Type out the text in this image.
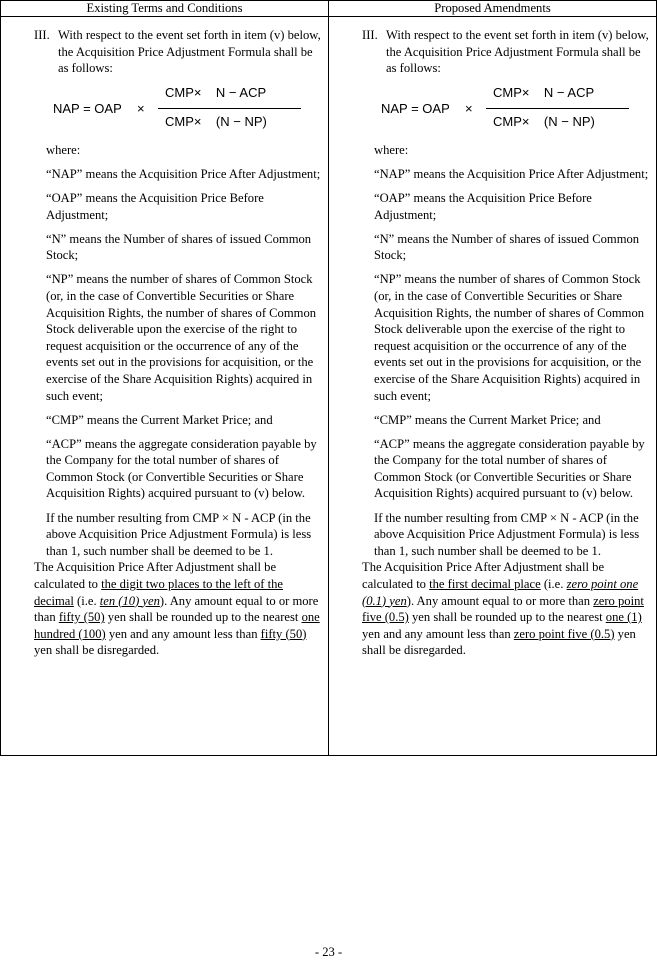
Existing Terms and Conditions	Proposed Amendments
III. With respect to the event set forth in item (v) below, the Acquisition Price Adjustment Formula shall be as follows:
NAP = OAP ×
CMP×    N − ACP
CMP×    (N − NP)
where:
“NAP” means the Acquisition Price After Adjustment;
“OAP” means the Acquisition Price Before Adjustment;
“N” means the Number of shares of issued Common Stock;
“NP” means the number of shares of Common Stock (or, in the case of Convertible Securities or Share Acquisition Rights, the number of shares of Common Stock deliverable upon the exercise of the right to request acquisition or the occurrence of any of the events set out in the provisions for acquisition, or the exercise of the Share Acquisition Rights) acquired in such event;
“CMP” means the Current Market Price; and
“ACP” means the aggregate consideration payable by the Company for the total number of shares of Common Stock (or Convertible Securities or Share Acquisition Rights) acquired pursuant to (v) below.
If the number resulting from CMP × N - ACP (in the above Acquisition Price Adjustment Formula) is less than 1, such number shall be deemed to be 1.

The Acquisition Price After Adjustment shall be calculated to the digit two places to the left of the decimal (i.e. ten (10) yen). Any amount equal to or more than fifty (50) yen shall be rounded up to the nearest one hundred (100) yen and any amount less than fifty (50) yen shall be disregarded.

III. With respect to the event set forth in item (v) below, the Acquisition Price Adjustment Formula shall be as follows:
NAP = OAP ×
CMP×    N − ACP
CMP×    (N − NP)
where:
“NAP” means the Acquisition Price After Adjustment;
“OAP” means the Acquisition Price Before Adjustment;
“N” means the Number of shares of issued Common Stock;
“NP” means the number of shares of Common Stock (or, in the case of Convertible Securities or Share Acquisition Rights, the number of shares of Common Stock deliverable upon the exercise of the right to request acquisition or the occurrence of any of the events set out in the provisions for acquisition, or the exercise of the Share Acquisition Rights) acquired in such event;
“CMP” means the Current Market Price; and
“ACP” means the aggregate consideration payable by the Company for the total number of shares of Common Stock (or Convertible Securities or Share Acquisition Rights) acquired pursuant to (v) below.
If the number resulting from CMP × N - ACP (in the above Acquisition Price Adjustment Formula) is less than 1, such number shall be deemed to be 1.

The Acquisition Price After Adjustment shall be calculated to the first decimal place (i.e. zero point one (0.1) yen). Any amount equal to or more than zero point five (0.5) yen shall be rounded up to the nearest one (1) yen and any amount less than zero point five (0.5) yen shall be disregarded.

- 23 -
